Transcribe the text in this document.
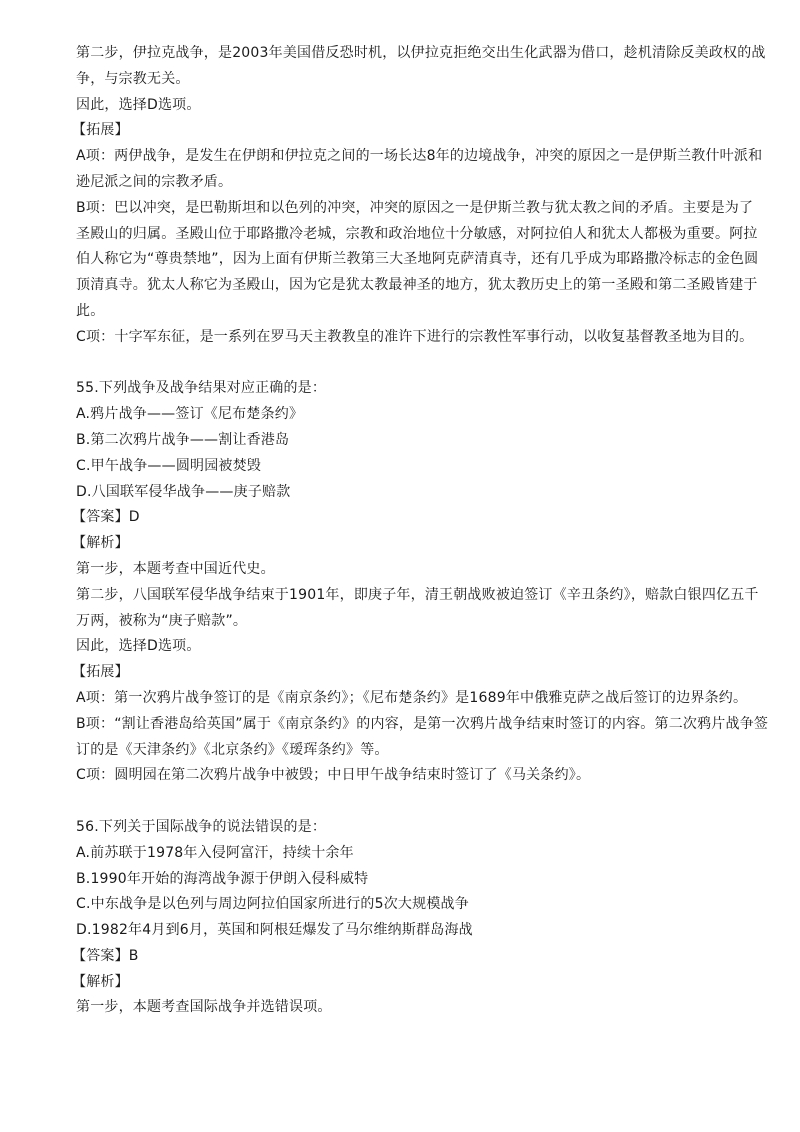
第二步，伊拉克战争，是2003年美国借反恐时机，以伊拉克拒绝交出生化武器为借口，趁机清除反美政权的战
争，与宗教无关。
因此，选择D选项。
【拓展】
A项：两伊战争，是发生在伊朗和伊拉克之间的一场长达8年的边境战争，冲突的原因之一是伊斯兰教什叶派和
逊尼派之间的宗教矛盾。
B项：巴以冲突，是巴勒斯坦和以色列的冲突，冲突的原因之一是伊斯兰教与犹太教之间的矛盾。主要是为了
圣殿山的归属。圣殿山位于耶路撒冷老城，宗教和政治地位十分敏感，对阿拉伯人和犹太人都极为重要。阿拉
伯人称它为“尊贵禁地”，因为上面有伊斯兰教第三大圣地阿克萨清真寺，还有几乎成为耶路撒冷标志的金色圆
顶清真寺。犹太人称它为圣殿山，因为它是犹太教最神圣的地方，犹太教历史上的第一圣殿和第二圣殿皆建于
此。
C项：十字军东征，是一系列在罗马天主教教皇的准许下进行的宗教性军事行动，以收复基督教圣地为目的。
55.下列战争及战争结果对应正确的是：
A.鸦片战争——签订《尼布楚条约》
B.第二次鸦片战争——割让香港岛
C.甲午战争——圆明园被焚毁
D.八国联军侵华战争——庚子赔款
【答案】D
【解析】
第一步，本题考查中国近代史。
第二步，八国联军侵华战争结束于1901年，即庚子年，清王朝战败被迫签订《辛丑条约》，赔款白银四亿五千
万两，被称为“庚子赔款”。
因此，选择D选项。
【拓展】
A项：第一次鸦片战争签订的是《南京条约》；《尼布楚条约》是1689年中俄雅克萨之战后签订的边界条约。
B项：“割让香港岛给英国”属于《南京条约》的内容，是第一次鸦片战争结束时签订的内容。第二次鸦片战争签
订的是《天津条约》《北京条约》《瑷珲条约》等。
C项：圆明园在第二次鸦片战争中被毁；中日甲午战争结束时签订了《马关条约》。
56.下列关于国际战争的说法错误的是：
A.前苏联于1978年入侵阿富汗，持续十余年
B.1990年开始的海湾战争源于伊朗入侵科威特
C.中东战争是以色列与周边阿拉伯国家所进行的5次大规模战争
D.1982年4月到6月，英国和阿根廷爆发了马尔维纳斯群岛海战
【答案】B
【解析】
第一步，本题考查国际战争并选错误项。
